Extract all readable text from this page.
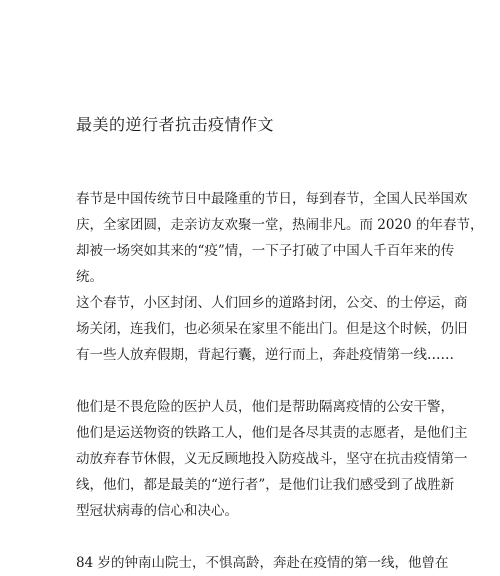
最美的逆行者抗击疫情作文
春节是中国传统节日中最隆重的节日，每到春节，全国人民举国欢
庆，全家团圆，走亲访友欢聚一堂，热闹非凡。而 2020 的年春节，
却被一场突如其来的“疫”情，一下子打破了中国人千百年来的传
统。
这个春节，小区封闭、人们回乡的道路封闭，公交、的士停运，商
场关闭，连我们，也必须呆在家里不能出门。但是这个时候，仍旧
有一些人放弃假期，背起行囊，逆行而上，奔赴疫情第一线……
他们是不畏危险的医护人员，他们是帮助隔离疫情的公安干警，
他们是运送物资的铁路工人，他们是各尽其责的志愿者，是他们主
动放弃春节休假，义无反顾地投入防疫战斗，坚守在抗击疫情第一
线，他们，都是最美的“逆行者”，是他们让我们感受到了战胜新
型冠状病毒的信心和决心。
84 岁的钟南山院士，不惧高龄，奔赴在疫情的第一线，他曾在
